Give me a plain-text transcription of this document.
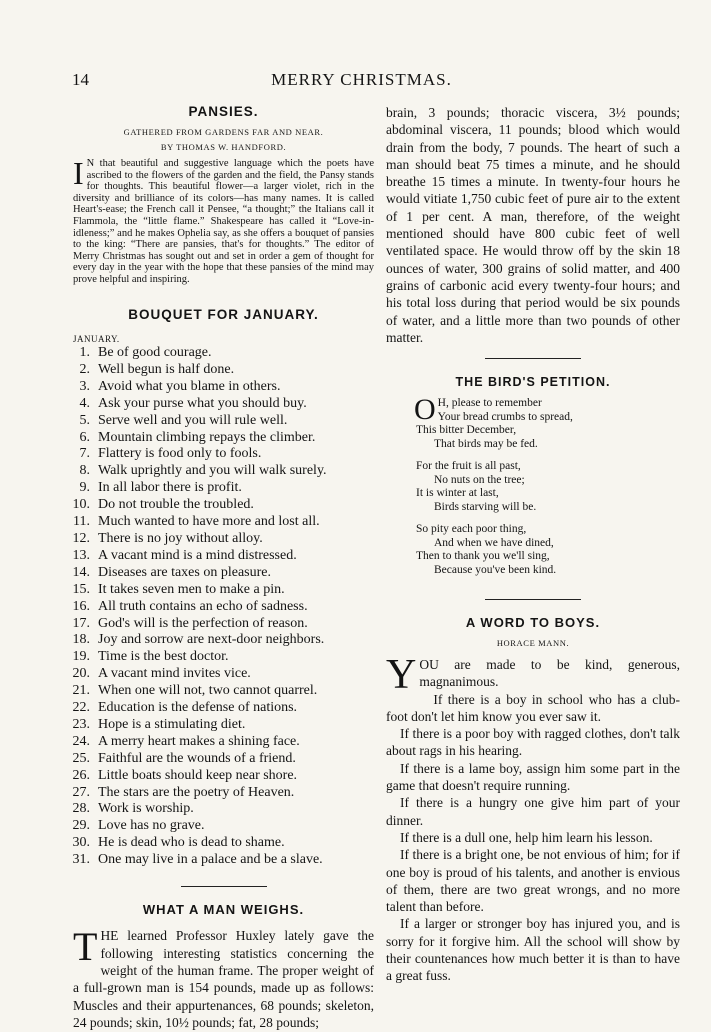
14	MERRY CHRISTMAS.
PANSIES.

GATHERED FROM GARDENS FAR AND NEAR.

BY THOMAS W. HANDFORD.

I N that beautiful and suggestive language which the poets have ascribed to the flowers of the garden and the field, the Pansy stands for thoughts. This beautiful flower—a larger violet, rich in the diversity and brilliance of its colors—has many names. It is called Heart's-ease; the French call it Pensee, “a thought;” the Italians call it Flammola, the “little flame.” Shakespeare has called it “Love-in-idleness;” and he makes Ophelia say, as she offers a bouquet of pansies to the king: “There are pansies, that's for thoughts.” The editor of Merry Christmas has sought out and set in order a gem of thought for every day in the year with the hope that these pansies of the mind may prove helpful and inspiring.
BOUQUET FOR JANUARY.

JANUARY.

1. Be of good courage.
2. Well begun is half done.
3. Avoid what you blame in others.
4. Ask your purse what you should buy.
5. Serve well and you will rule well.
6. Mountain climbing repays the climber.
7. Flattery is food only to fools.
8. Walk uprightly and you will walk surely.
9. In all labor there is profit.
10. Do not trouble the troubled.
11. Much wanted to have more and lost all.
12. There is no joy without alloy.
13. A vacant mind is a mind distressed.
14. Diseases are taxes on pleasure.
15. It takes seven men to make a pin.
16. All truth contains an echo of sadness.
17. God's will is the perfection of reason.
18. Joy and sorrow are next-door neighbors.
19. Time is the best doctor.
20. A vacant mind invites vice.
21. When one will not, two cannot quarrel.
22. Education is the defense of nations.
23. Hope is a stimulating diet.
24. A merry heart makes a shining face.
25. Faithful are the wounds of a friend.
26. Little boats should keep near shore.
27. The stars are the poetry of Heaven.
28. Work is worship.
29. Love has no grave.
30. He is dead who is dead to shame.
31. One may live in a palace and be a slave.
WHAT A MAN WEIGHS.
THE learned Professor Huxley lately gave the following interesting statistics concerning the weight of the human frame. The proper weight of a full-grown man is 154 pounds, made up as follows: Muscles and their appurtenances, 68 pounds; skeleton, 24 pounds; skin, 10½ pounds; fat, 28 pounds;
brain, 3 pounds; thoracic viscera, 3½ pounds; abdominal viscera, 11 pounds; blood which would drain from the body, 7 pounds. The heart of such a man should beat 75 times a minute, and he should breathe 15 times a minute. In twenty-four hours he would vitiate 1,750 cubic feet of pure air to the extent of 1 per cent. A man, therefore, of the weight mentioned should have 800 cubic feet of well ventilated space. He would throw off by the skin 18 ounces of water, 300 grains of solid matter, and 400 grains of carbonic acid every twenty-four hours; and his total loss during that period would be six pounds of water, and a little more than two pounds of other matter.
THE BIRD'S PETITION.
O H, please to remember
Your bread crumbs to spread,
This bitter December,
That birds may be fed.
For the fruit is all past,
No nuts on the tree;
It is winter at last,
Birds starving will be.
So pity each poor thing,
And when we have dined,
Then to thank you we'll sing,
Because you've been kind.
A WORD TO BOYS.

HORACE MANN.

YOU are made to be kind, generous, magnanimous.

If there is a boy in school who has a club-foot don't let him know you ever saw it.

If there is a poor boy with ragged clothes, don't talk about rags in his hearing.

If there is a lame boy, assign him some part in the game that doesn't require running.

If there is a hungry one give him part of your dinner.

If there is a dull one, help him learn his lesson.

If there is a bright one, be not envious of him; for if one boy is proud of his talents, and another is envious of them, there are two great wrongs, and no more talent than before.

If a larger or stronger boy has injured you, and is sorry for it forgive him. All the school will show by their countenances how much better it is than to have a great fuss.
